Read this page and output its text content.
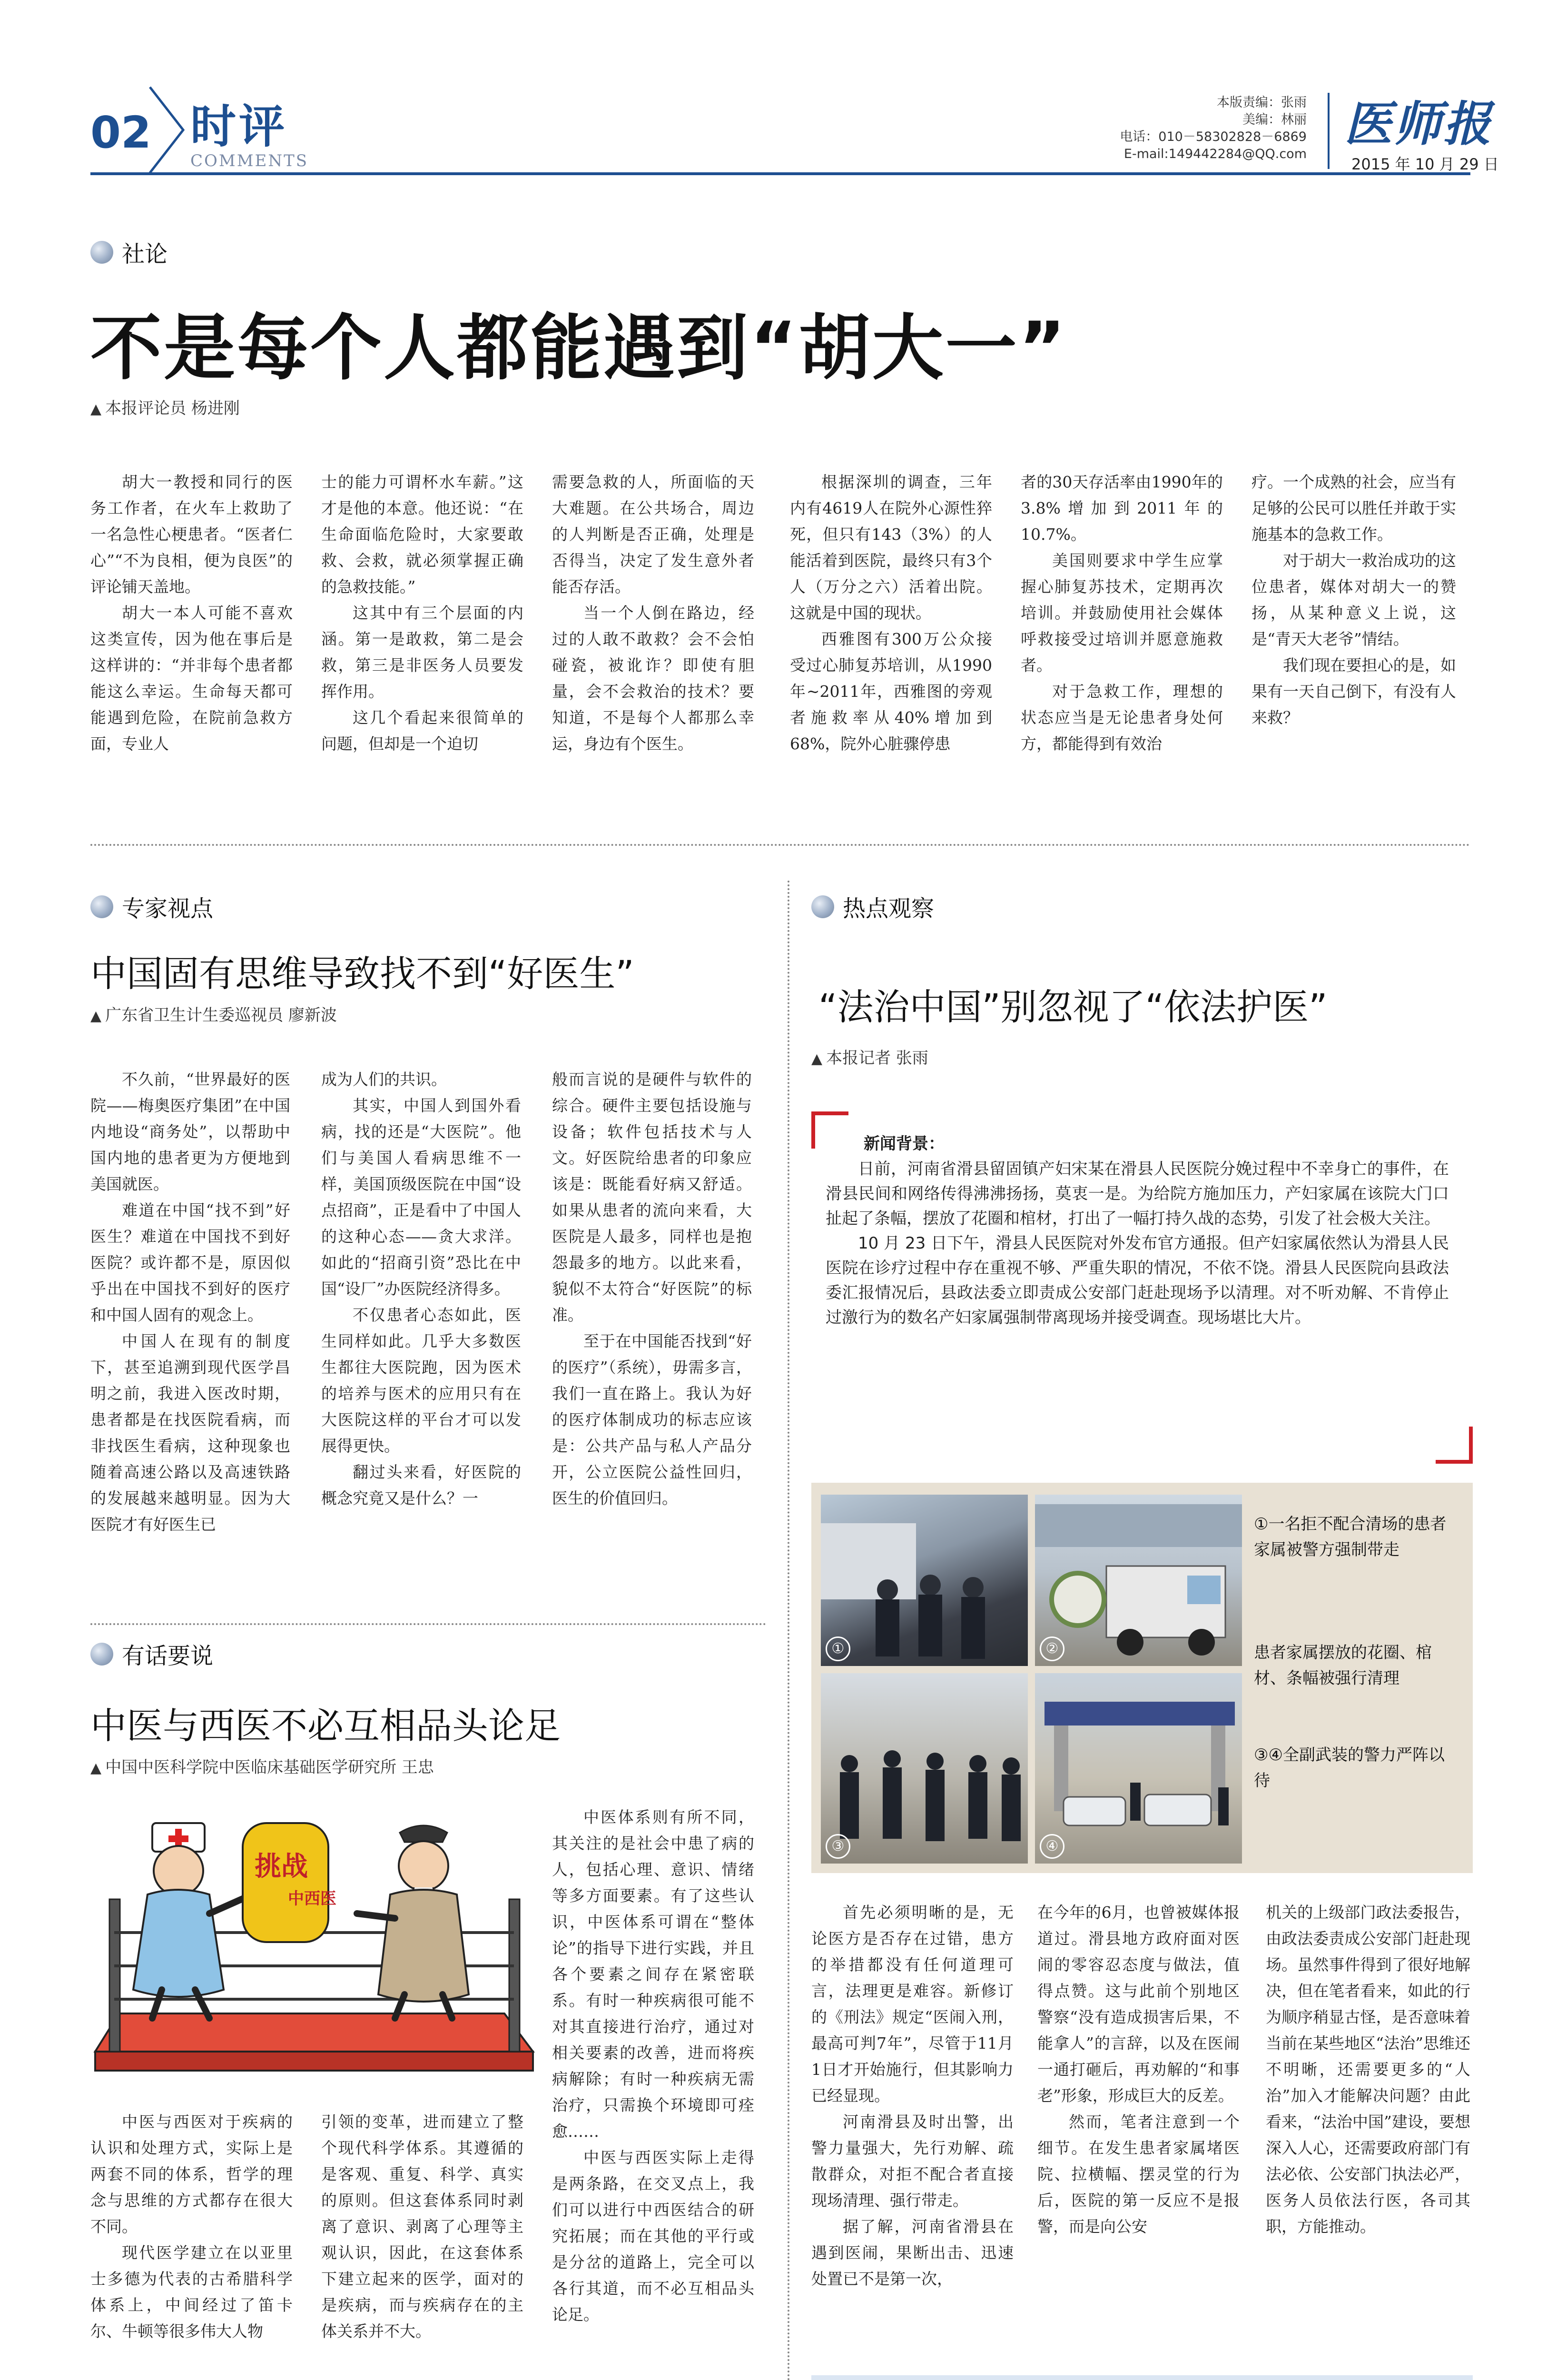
02 时评
COMMENTS
本版责编：张雨
美编：林丽
电话：010－58302828－6869
E-mail:149442284@QQ.com
医师报
2015 年 10 月 29 日
社论
不是每个人都能遇到“胡大一”
▲ 本报评论员 杨进刚

胡大一教授和同行的医务工作者，在火车上救助了一名急性心梗患者。“医者仁心”“不为良相，便为良医”的评论铺天盖地。

胡大一本人可能不喜欢这类宣传，因为他在事后是这样讲的：“并非每个患者都能这么幸运。生命每天都可能遇到危险，在院前急救方面，专业人

士的能力可谓杯水车薪。”这才是他的本意。他还说：“在生命面临危险时，大家要敢救、会救，就必须掌握正确的急救技能。”

这其中有三个层面的内涵。第一是敢救，第二是会救，第三是非医务人员要发挥作用。

这几个看起来很简单的问题，但却是一个迫切

需要急救的人，所面临的天大难题。在公共场合，周边的人判断是否正确，处理是否得当，决定了发生意外者能否存活。

当一个人倒在路边，经过的人敢不敢救？会不会怕碰瓷，被讹诈？即使有胆量，会不会救治的技术？要知道，不是每个人都那么幸运，身边有个医生。

根据深圳的调查，三年内有4619人在院外心源性猝死，但只有143（3%）的人能活着到医院，最终只有3个人（万分之六）活着出院。这就是中国的现状。

西雅图有300万公众接受过心肺复苏培训，从1990年~2011年，西雅图的旁观者施救率从40%增加到68%，院外心脏骤停患

者的30天存活率由1990年的3.8%增加到2011年的10.7%。

美国则要求中学生应掌握心肺复苏技术，定期再次培训。并鼓励使用社会媒体呼救接受过培训并愿意施救者。

对于急救工作，理想的状态应当是无论患者身处何方，都能得到有效治

疗。一个成熟的社会，应当有足够的公民可以胜任并敢于实施基本的急救工作。

对于胡大一救治成功的这位患者，媒体对胡大一的赞扬，从某种意义上说，这是“青天大老爷”情结。

我们现在要担心的是，如果有一天自己倒下，有没有人来救？

专家视点
中国固有思维导致找不到“好医生”
▲ 广东省卫生计生委巡视员 廖新波

不久前，“世界最好的医院——梅奥医疗集团”在中国内地设“商务处”，以帮助中国内地的患者更为方便地到美国就医。

难道在中国“找不到”好医生？难道在中国找不到好医院？或许都不是，原因似乎出在中国找不到好的医疗和中国人固有的观念上。

中国人在现有的制度下，甚至追溯到现代医学昌明之前，我进入医改时期，患者都是在找医院看病，而非找医生看病，这种现象也随着高速公路以及高速铁路的发展越来越明显。因为大医院才有好医生已

成为人们的共识。

其实，中国人到国外看病，找的还是“大医院”。他们与美国人看病思维不一样，美国顶级医院在中国“设点招商”，正是看中了中国人的这种心态——贪大求洋。如此的“招商引资”恐比在中国“设厂”办医院经济得多。

不仅患者心态如此，医生同样如此。几乎大多数医生都往大医院跑，因为医术的培养与医术的应用只有在大医院这样的平台才可以发展得更快。

翻过头来看，好医院的概念究竟又是什么？一

般而言说的是硬件与软件的综合。硬件主要包括设施与设备；软件包括技术与人文。好医院给患者的印象应该是：既能看好病又舒适。如果从患者的流向来看，大医院是人最多，同样也是抱怨最多的地方。以此来看，貌似不太符合“好医院”的标准。

至于在中国能否找到“好的医疗”（系统），毋需多言，我们一直在路上。我认为好的医疗体制成功的标志应该是：公共产品与私人产品分开，公立医院公益性回归，医生的价值回归。

有话要说
中医与西医不必互相品头论足
▲ 中国中医科学院中医临床基础医学研究所 王忠
挑战
中西医

中医体系则有所不同，其关注的是社会中患了病的人，包括心理、意识、情绪等多方面要素。有了这些认识，中医体系可谓在“整体论”的指导下进行实践，并且各个要素之间存在紧密联系。有时一种疾病很可能不对其直接进行治疗，通过对相关要素的改善，进而将疾病解除；有时一种疾病无需治疗，只需换个环境即可痊愈……

中医与西医实际上走得是两条路，在交叉点上，我们可以进行中西医结合的研究拓展；而在其他的平行或是分岔的道路上，完全可以各行其道，而不必互相品头论足。

中医与西医对于疾病的认识和处理方式，实际上是两套不同的体系，哲学的理念与思维的方式都存在很大不同。

现代医学建立在以亚里士多德为代表的古希腊科学体系上，中间经过了笛卡尔、牛顿等很多伟大人物

引领的变革，进而建立了整个现代科学体系。其遵循的是客观、重复、科学、真实的原则。但这套体系同时剥离了意识、剥离了心理等主观认识，因此，在这套体系下建立起来的医学，面对的是疾病，而与疾病存在的主体关系并不大。

热点观察
“法治中国”别忽视了“依法护医”
▲ 本报记者 张雨
新闻背景：

日前，河南省滑县留固镇产妇宋某在滑县人民医院分娩过程中不幸身亡的事件，在滑县民间和网络传得沸沸扬扬，莫衷一是。为给院方施加压力，产妇家属在该院大门口扯起了条幅，摆放了花圈和棺材，打出了一幅打持久战的态势，引发了社会极大关注。

10 月 23 日下午，滑县人民医院对外发布官方通报。但产妇家属依然认为滑县人民医院在诊疗过程中存在重视不够、严重失职的情况，不依不饶。滑县人民医院向县政法委汇报情况后，县政法委立即责成公安部门赶赴现场予以清理。对不听劝解、不肯停止过激行为的数名产妇家属强制带离现场并接受调查。现场堪比大片。

①	②
③	④
①一名拒不配合清场的患者家属被警方强制带走
患者家属摆放的花圈、棺材、条幅被强行清理
③④全副武装的警力严阵以待

首先必须明晰的是，无论医方是否存在过错，患方的举措都没有任何道理可言，法理更是难容。新修订的《刑法》规定“医闹入刑，最高可判7年”，尽管于11月1日才开始施行，但其影响力已经显现。

河南滑县及时出警，出警力量强大，先行劝解、疏散群众，对拒不配合者直接现场清理、强行带走。

据了解，河南省滑县在遇到医闹，果断出击、迅速处置已不是第一次，

在今年的6月，也曾被媒体报道过。滑县地方政府面对医闹的零容忍态度与做法，值得点赞。这与此前个别地区警察“没有造成损害后果，不能拿人”的言辞，以及在医闹一通打砸后，再劝解的“和事老”形象，形成巨大的反差。

然而，笔者注意到一个细节。在发生患者家属堵医院、拉横幅、摆灵堂的行为后，医院的第一反应不是报警，而是向公安

机关的上级部门政法委报告，由政法委责成公安部门赶赴现场。虽然事件得到了很好地解决，但在笔者看来，如此的行为顺序稍显古怪，是否意味着当前在某些地区“法治”思维还不明晰，还需要更多的“人治”加入才能解决问题？由此看来，“法治中国”建设，要想深入人心，还需要政府部门有法必依、公安部门执法必严，医务人员依法行医，各司其职，方能推动。
